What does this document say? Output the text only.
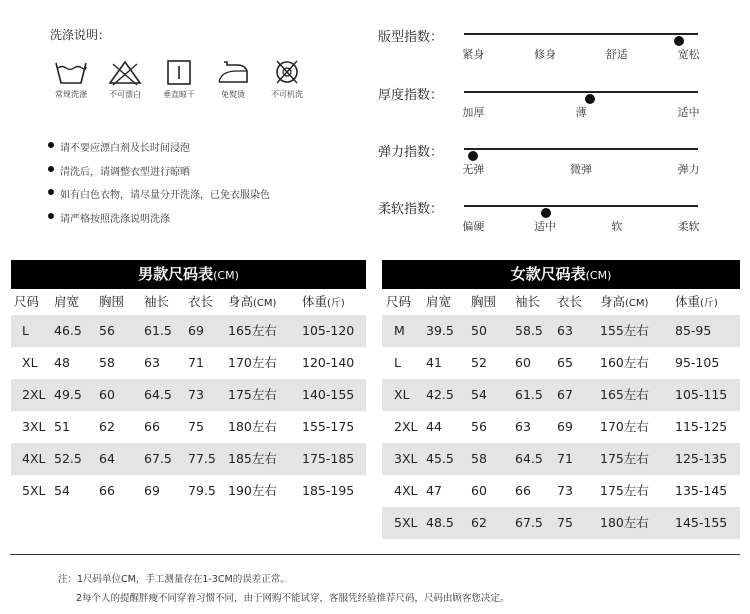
洗涤说明：
常规洗涤	不可漂白	垂直晾干	免熨烫	不可机洗
请不要应漂白剂及长时间浸泡
清洗后，请调整衣型进行晾晒
如有白色衣物，请尽量分开洗涤，已免衣服染色
请严格按照洗涤说明洗涤
版型指数：
紧身	修身	舒适	宽松
厚度指数：
加厚	薄	适中
弹力指数：
无弹	微弹	弹力
柔软指数：
偏硬	适中	软	柔软
男款尺码表(CM)
尺码 肩宽 胸围 袖长 衣长 身高(CM) 体重(斤)
L 46.5 56 61.5 69 165左右 105-120
XL 48 58 63 71 170左右 120-140
2XL 49.5 60 64.5 73 175左右 140-155
3XL 51 62 66 75 180左右 155-175
4XL 52.5 64 67.5 77.5 185左右 175-185
5XL 54 66 69 79.5 190左右 185-195
女款尺码表(CM)
尺码 肩宽 胸围 袖长 衣长 身高(CM) 体重(斤)
M 39.5 50 58.5 63 155左右 85-95
L 41 52 60 65 160左右 95-105
XL 42.5 54 61.5 67 165左右 105-115
2XL 44 56 63 69 170左右 115-125
3XL 45.5 58 64.5 71 175左右 125-135
4XL 47 60 66 73 175左右 135-145
5XL 48.5 62 67.5 75 180左右 145-155
注：1尺码单位CM，手工测量存在1-3CM的误差正常。
2每个人的提醒胖瘦不同穿着习惯不同，由于网购不能试穿，客服凭经验推荐尺码，尺码由顾客您决定。
